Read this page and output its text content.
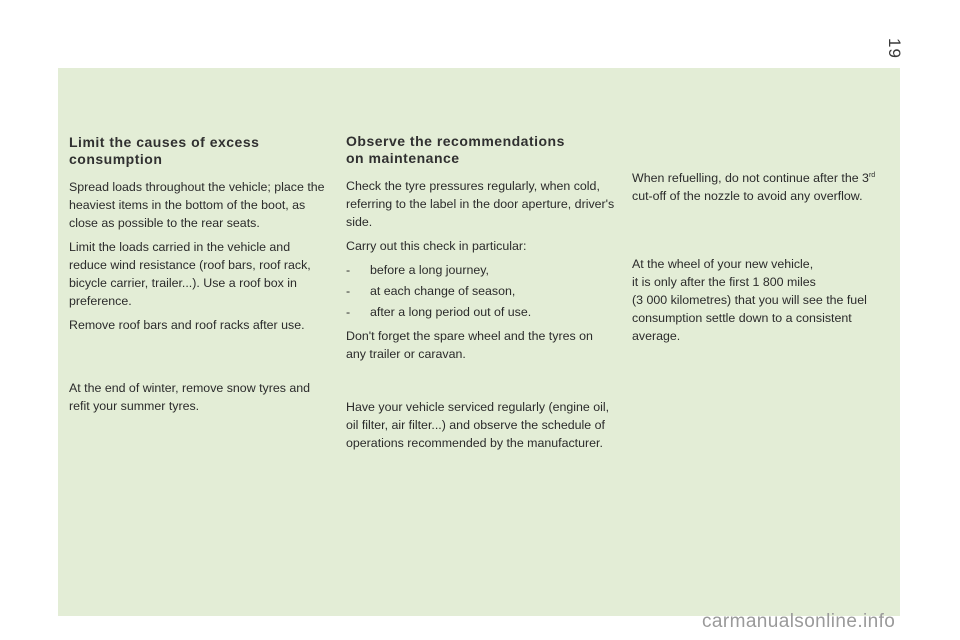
19
Limit the causes of excess
consumption

Spread loads throughout the vehicle; place the heaviest items in the bottom of the boot, as close as possible to the rear seats.

Limit the loads carried in the vehicle and reduce wind resistance (roof bars, roof rack, bicycle carrier, trailer...). Use a roof box in preference.

Remove roof bars and roof racks after use.

At the end of winter, remove snow tyres and refit your summer tyres.

Observe the recommendations
on maintenance

Check the tyre pressures regularly, when cold, referring to the label in the door aperture, driver's side.

Carry out this check in particular:

-	before a long journey,
-	at each change of season,
-	after a long period out of use.

Don't forget the spare wheel and the tyres on any trailer or caravan.

Have your vehicle serviced regularly (engine oil, oil filter, air filter...) and observe the schedule of operations recommended by the manufacturer.

When refuelling, do not continue after the 3rd cut-off of the nozzle to avoid any overflow.

At the wheel of your new vehicle,
it is only after the first 1 800 miles
(3 000 kilometres) that you will see the fuel consumption settle down to a consistent average.

carmanualsonline.info
